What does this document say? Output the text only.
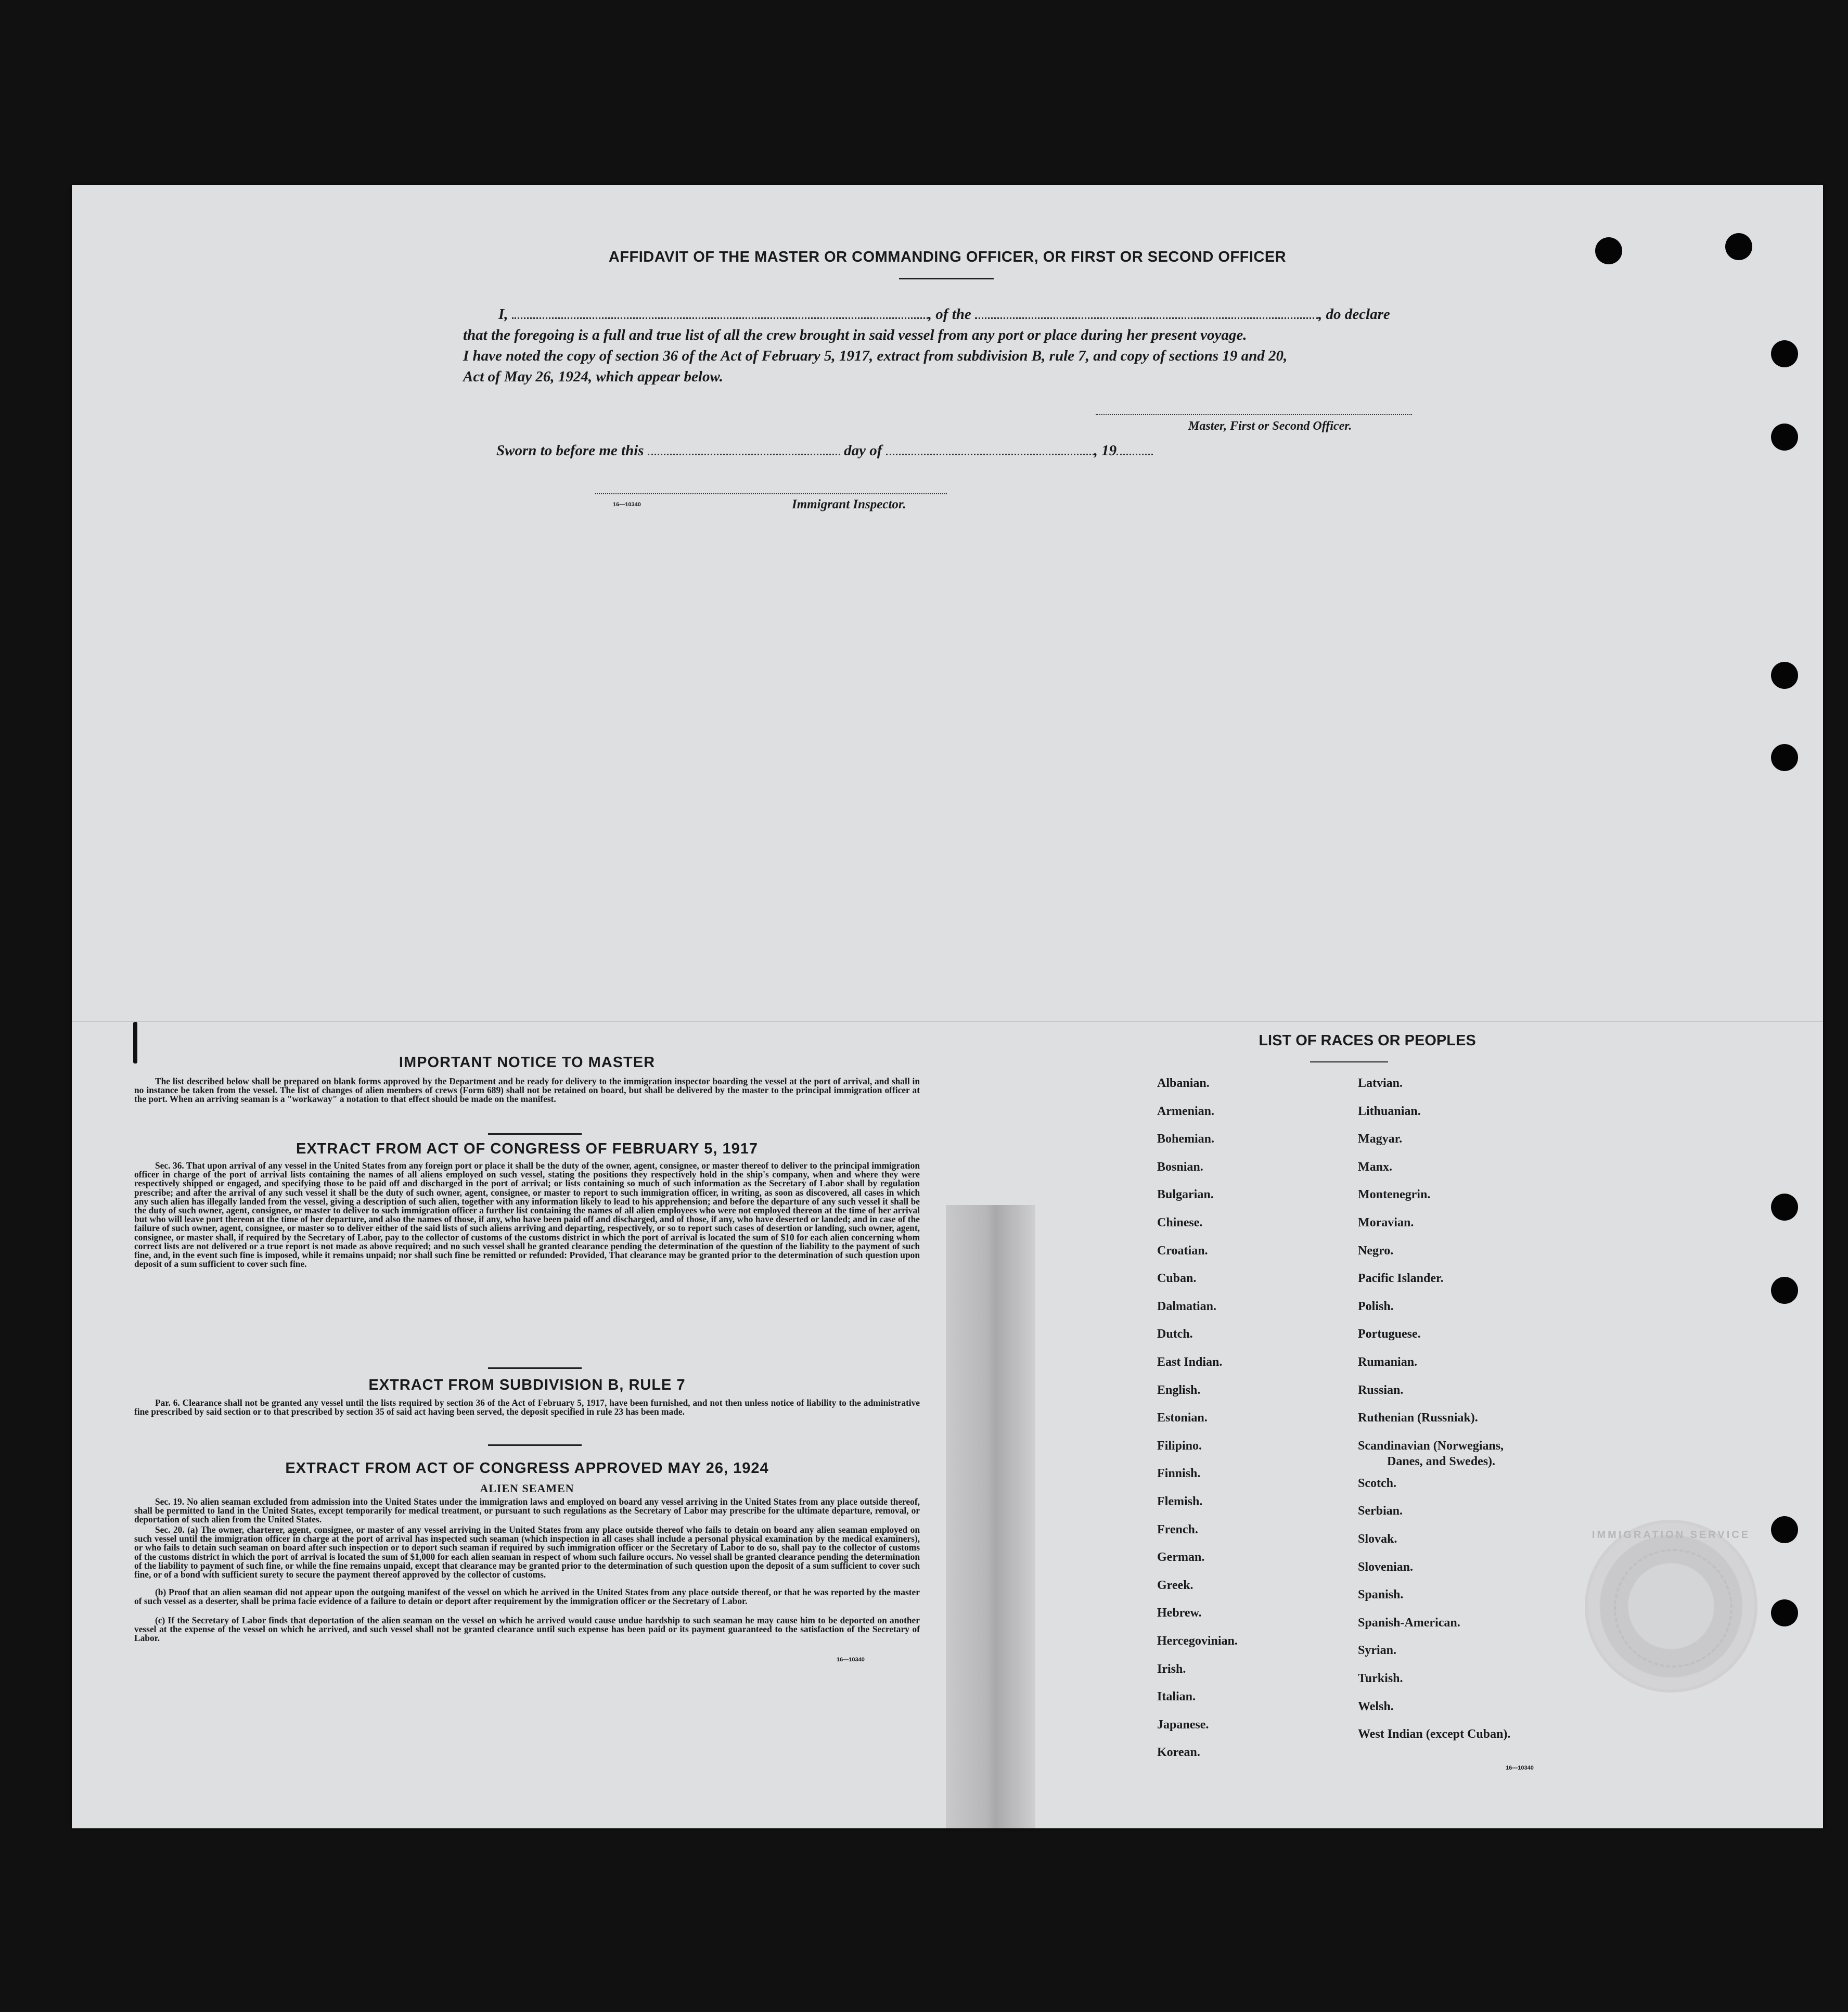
AFFIDAVIT OF THE MASTER OR COMMANDING OFFICER, OR FIRST OR SECOND OFFICER
I,	, of the	, do declare
that the foregoing is a full and true list of all the crew brought in said vessel from any port or place during her present voyage.
I have noted the copy of section 36 of the Act of February 5, 1917, extract from subdivision B, rule 7, and copy of sections 19 and 20,
Act of May 26, 1924, which appear below.
Master, First or Second Officer.
Sworn to before me this	day of	, 19
16—10340	Immigrant Inspector.
IMPORTANT NOTICE TO MASTER
The list described below shall be prepared on blank forms approved by the Department and be ready for delivery to the immigration inspector boarding the vessel at the port of arrival, and shall in no instance be taken from the vessel. The list of changes of alien members of crews (Form 689) shall not be retained on board, but shall be delivered by the master to the principal immigration officer at the port. When an arriving seaman is a "workaway" a notation to that effect should be made on the manifest.
EXTRACT FROM ACT OF CONGRESS OF FEBRUARY 5, 1917
Sec. 36. That upon arrival of any vessel in the United States from any foreign port or place it shall be the duty of the owner, agent, consignee, or master thereof to deliver to the principal immigration officer in charge of the port of arrival lists containing the names of all aliens employed on such vessel, stating the positions they respectively hold in the ship's company, when and where they were respectively shipped or engaged, and specifying those to be paid off and discharged in the port of arrival; or lists containing so much of such information as the Secretary of Labor shall by regulation prescribe; and after the arrival of any such vessel it shall be the duty of such owner, agent, consignee, or master to report to such immigration officer, in writing, as soon as discovered, all cases in which any such alien has illegally landed from the vessel, giving a description of such alien, together with any information likely to lead to his apprehension; and before the departure of any such vessel it shall be the duty of such owner, agent, consignee, or master to deliver to such immigration officer a further list containing the names of all alien employees who were not employed thereon at the time of her arrival but who will leave port thereon at the time of her departure, and also the names of those, if any, who have been paid off and discharged, and of those, if any, who have deserted or landed; and in case of the failure of such owner, agent, consignee, or master so to deliver either of the said lists of such aliens arriving and departing, respectively, or so to report such cases of desertion or landing, such owner, agent, consignee, or master shall, if required by the Secretary of Labor, pay to the collector of customs of the customs district in which the port of arrival is located the sum of $10 for each alien concerning whom correct lists are not delivered or a true report is not made as above required; and no such vessel shall be granted clearance pending the determination of the question of the liability to the payment of such fine, and, in the event such fine is imposed, while it remains unpaid; nor shall such fine be remitted or refunded: Provided, That clearance may be granted prior to the determination of such question upon deposit of a sum sufficient to cover such fine.
EXTRACT FROM SUBDIVISION B, RULE 7
Par. 6. Clearance shall not be granted any vessel until the lists required by section 36 of the Act of February 5, 1917, have been furnished, and not then unless notice of liability to the administrative fine prescribed by said section or to that prescribed by section 35 of said act having been served, the deposit specified in rule 23 has been made.
EXTRACT FROM ACT OF CONGRESS APPROVED MAY 26, 1924
ALIEN SEAMEN
Sec. 19. No alien seaman excluded from admission into the United States under the immigration laws and employed on board any vessel arriving in the United States from any place outside thereof, shall be permitted to land in the United States, except temporarily for medical treatment, or pursuant to such regulations as the Secretary of Labor may prescribe for the ultimate departure, removal, or deportation of such alien from the United States.
Sec. 20. (a) The owner, charterer, agent, consignee, or master of any vessel arriving in the United States from any place outside thereof who fails to detain on board any alien seaman employed on such vessel until the immigration officer in charge at the port of arrival has inspected such seaman (which inspection in all cases shall include a personal physical examination by the medical examiners), or who fails to detain such seaman on board after such inspection or to deport such seaman if required by such immigration officer or the Secretary of Labor to do so, shall pay to the collector of customs of the customs district in which the port of arrival is located the sum of $1,000 for each alien seaman in respect of whom such failure occurs. No vessel shall be granted clearance pending the determination of the liability to payment of such fine, or while the fine remains unpaid, except that clearance may be granted prior to the determination of such question upon the deposit of a sum sufficient to cover such fine, or of a bond with sufficient surety to secure the payment thereof approved by the collector of customs.
(b) Proof that an alien seaman did not appear upon the outgoing manifest of the vessel on which he arrived in the United States from any place outside thereof, or that he was reported by the master of such vessel as a deserter, shall be prima facie evidence of a failure to detain or deport after requirement by the immigration officer or the Secretary of Labor.
(c) If the Secretary of Labor finds that deportation of the alien seaman on the vessel on which he arrived would cause undue hardship to such seaman he may cause him to be deported on another vessel at the expense of the vessel on which he arrived, and such vessel shall not be granted clearance until such expense has been paid or its payment guaranteed to the satisfaction of the Secretary of Labor.
16—10340
LIST OF RACES OR PEOPLES
16—10340
IMMIGRATION SERVICE
Albanian.
Armenian.
Bohemian.
Bosnian.
Bulgarian.
Chinese.
Croatian.
Cuban.
Dalmatian.
Dutch.
East Indian.
English.
Estonian.
Filipino.
Finnish.
Flemish.
French.
German.
Greek.
Hebrew.
Hercegovinian.
Irish.
Italian.
Japanese.
Korean.
Latvian.
Lithuanian.
Magyar.
Manx.
Montenegrin.
Moravian.
Negro.
Pacific Islander.
Polish.
Portuguese.
Rumanian.
Russian.
Ruthenian (Russniak).
Scandinavian (Norwegians,
Danes, and Swedes).
Scotch.
Serbian.
Slovak.
Slovenian.
Spanish.
Spanish-American.
Syrian.
Turkish.
Welsh.
West Indian (except Cuban).
